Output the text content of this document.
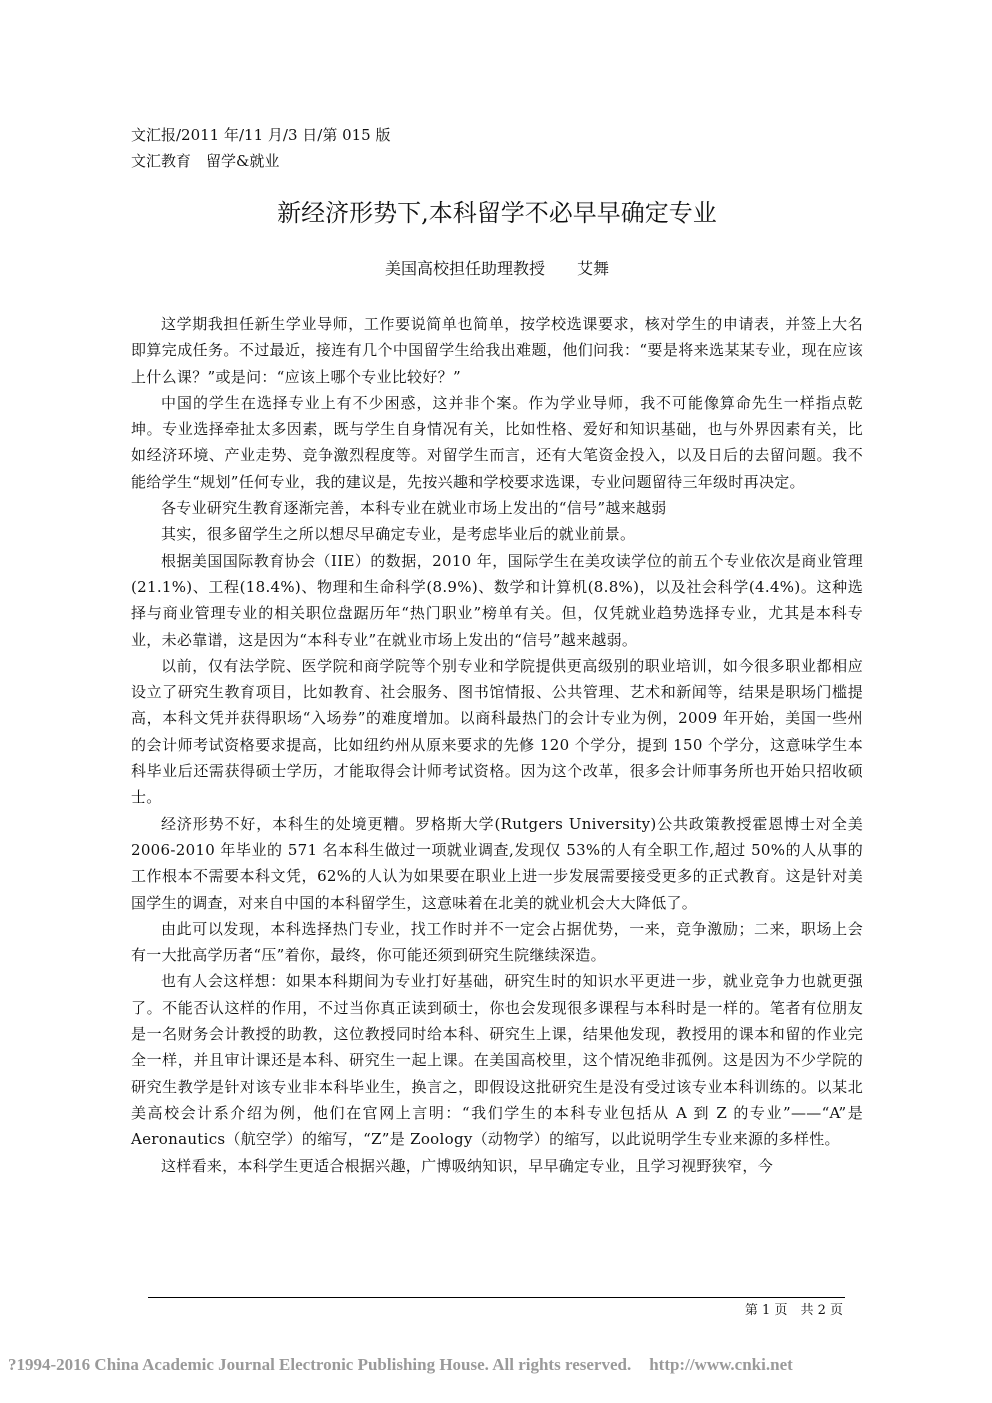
文汇报/2011 年/11 月/3 日/第 015 版
文汇教育　留学&就业
新经济形势下,本科留学不必早早确定专业
美国高校担任助理教授 艾舞

这学期我担任新生学业导师，工作要说简单也简单，按学校选课要求，核对学生的申请表，并签上大名即算完成任务。不过最近，接连有几个中国留学生给我出难题，他们问我：“要是将来选某某专业，现在应该上什么课？”或是问：“应该上哪个专业比较好？”

中国的学生在选择专业上有不少困惑，这并非个案。作为学业导师，我不可能像算命先生一样指点乾坤。专业选择牵扯太多因素，既与学生自身情况有关，比如性格、爱好和知识基础，也与外界因素有关，比如经济环境、产业走势、竞争激烈程度等。对留学生而言，还有大笔资金投入，以及日后的去留问题。我不能给学生“规划”任何专业，我的建议是，先按兴趣和学校要求选课，专业问题留待三年级时再决定。

各专业研究生教育逐渐完善，本科专业在就业市场上发出的“信号”越来越弱

其实，很多留学生之所以想尽早确定专业，是考虑毕业后的就业前景。

根据美国国际教育协会（IIE）的数据，2010 年，国际学生在美攻读学位的前五个专业依次是商业管理(21.1%)、工程(18.4%)、物理和生命科学(8.9%)、数学和计算机(8.8%)，以及社会科学(4.4%)。这种选择与商业管理专业的相关职位盘踞历年“热门职业”榜单有关。但，仅凭就业趋势选择专业，尤其是本科专业，未必靠谱，这是因为“本科专业”在就业市场上发出的“信号”越来越弱。

以前，仅有法学院、医学院和商学院等个别专业和学院提供更高级别的职业培训，如今很多职业都相应设立了研究生教育项目，比如教育、社会服务、图书馆情报、公共管理、艺术和新闻等，结果是职场门槛提高，本科文凭并获得职场“入场券”的难度增加。以商科最热门的会计专业为例，2009 年开始，美国一些州的会计师考试资格要求提高，比如纽约州从原来要求的先修 120 个学分，提到 150 个学分，这意味学生本科毕业后还需获得硕士学历，才能取得会计师考试资格。因为这个改革，很多会计师事务所也开始只招收硕士。

经济形势不好，本科生的处境更糟。罗格斯大学(Rutgers University)公共政策教授霍恩博士对全美 2006-2010 年毕业的 571 名本科生做过一项就业调查,发现仅 53%的人有全职工作,超过 50%的人从事的工作根本不需要本科文凭，62%的人认为如果要在职业上进一步发展需要接受更多的正式教育。这是针对美国学生的调查，对来自中国的本科留学生，这意味着在北美的就业机会大大降低了。

由此可以发现，本科选择热门专业，找工作时并不一定会占据优势，一来，竞争激励；二来，职场上会有一大批高学历者“压”着你，最终，你可能还须到研究生院继续深造。

也有人会这样想：如果本科期间为专业打好基础，研究生时的知识水平更进一步，就业竞争力也就更强了。不能否认这样的作用，不过当你真正读到硕士，你也会发现很多课程与本科时是一样的。笔者有位朋友是一名财务会计教授的助教，这位教授同时给本科、研究生上课，结果他发现，教授用的课本和留的作业完全一样，并且审计课还是本科、研究生一起上课。在美国高校里，这个情况绝非孤例。这是因为不少学院的研究生教学是针对该专业非本科毕业生，换言之，即假设这批研究生是没有受过该专业本科训练的。以某北美高校会计系介绍为例，他们在官网上言明：“我们学生的本科专业包括从 A 到 Z 的专业”——“A”是 Aeronautics（航空学）的缩写，“Z”是 Zoology（动物学）的缩写，以此说明学生专业来源的多样性。

这样看来，本科学生更适合根据兴趣，广博吸纳知识，早早确定专业，且学习视野狭窄，今

第 1 页　共 2 页
?1994-2016 China Academic Journal Electronic Publishing House. All rights reserved. http://www.cnki.net
